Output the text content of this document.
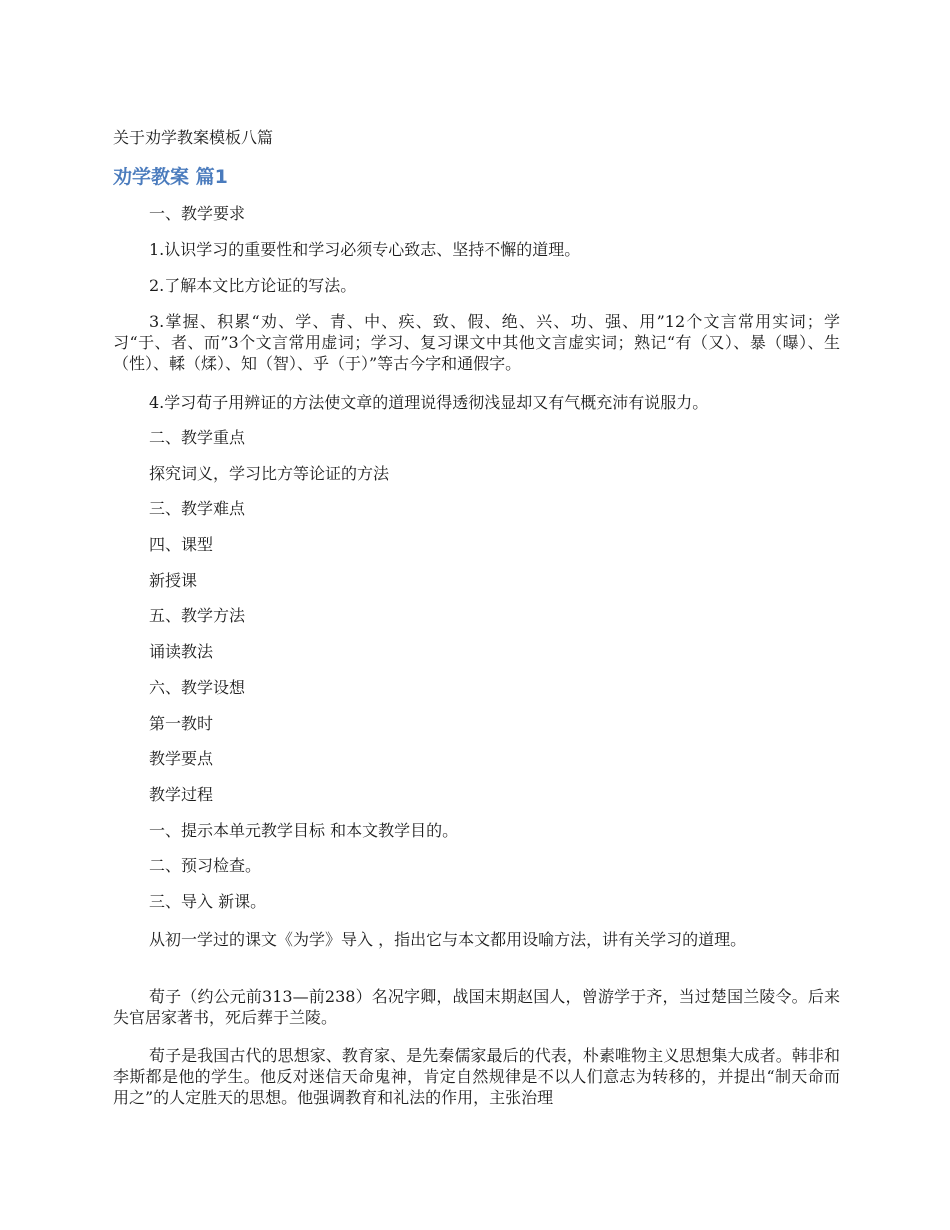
关于劝学教案模板八篇
劝学教案 篇1
一、教学要求
1.认识学习的重要性和学习必须专心致志、坚持不懈的道理。
2.了解本文比方论证的写法。
3.掌握、积累“劝、学、青、中、疾、致、假、绝、兴、功、强、用”12个文言常用实词；学习“于、者、而”3个文言常用虚词；学习、复习课文中其他文言虚实词；熟记“有（又）、暴（曝）、生（性）、輮（煣）、知（智）、乎（于）”等古今字和通假字。
4.学习荀子用辨证的方法使文章的道理说得透彻浅显却又有气概充沛有说服力。
二、教学重点
探究词义，学习比方等论证的方法
三、教学难点
四、课型
新授课
五、教学方法
诵读教法
六、教学设想
第一教时
教学要点
教学过程
一、提示本单元教学目标 和本文教学目的。
二、预习检查。
三、导入 新课。
从初一学过的课文《为学》导入 ，指出它与本文都用设喻方法，讲有关学习的道理。
荀子（约公元前313—前238）名况字卿，战国末期赵国人，曾游学于齐，当过楚国兰陵令。后来失官居家著书，死后葬于兰陵。
荀子是我国古代的思想家、教育家、是先秦儒家最后的代表，朴素唯物主义思想集大成者。韩非和李斯都是他的学生。他反对迷信天命鬼神，肯定自然规律是不以人们意志为转移的，并提出“制天命而用之”的人定胜天的思想。他强调教育和礼法的作用，主张治理
